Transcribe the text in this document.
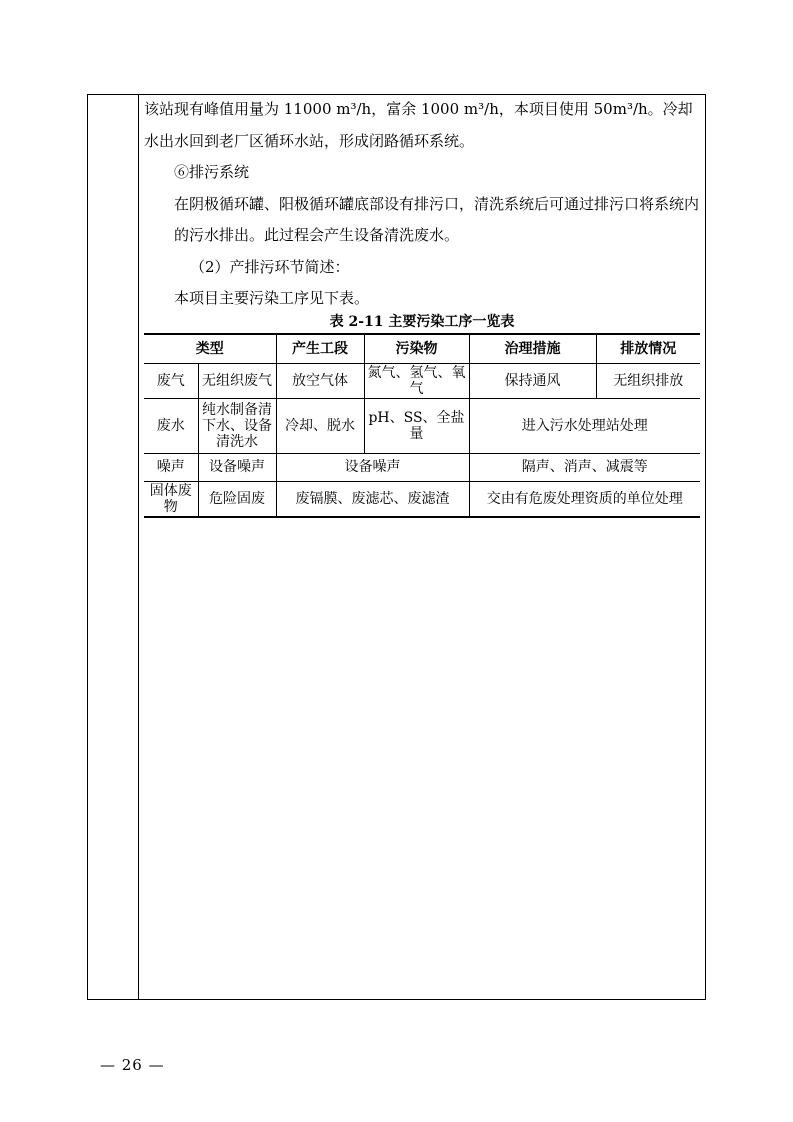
该站现有峰值用量为 11000 m³/h，富余 1000 m³/h，本项目使用 50m³/h。冷却水出水回到老厂区循环水站，形成闭路循环系统。

⑥排污系统

在阴极循环罐、阳极循环罐底部设有排污口，清洗系统后可通过排污口将系统内的污水排出。此过程会产生设备清洗废水。

（2）产排污环节简述：

本项目主要污染工序见下表。

表 2-11 主要污染工序一览表
类型		产生工段	污染物	治理措施	排放情况
废气	无组织废气	放空气体	氮气、氢气、氧气	保持通风	无组织排放
废水	纯水制备清下水、设备清洗水	冷却、脱水	pH、SS、全盐量	进入污水处理站处理	
噪声	设备噪声	设备噪声		隔声、消声、减震等	
固体废物	危险固废	废镉膜、废滤芯、废滤渣		交由有危废处理资质的单位处理	
— 26 —
